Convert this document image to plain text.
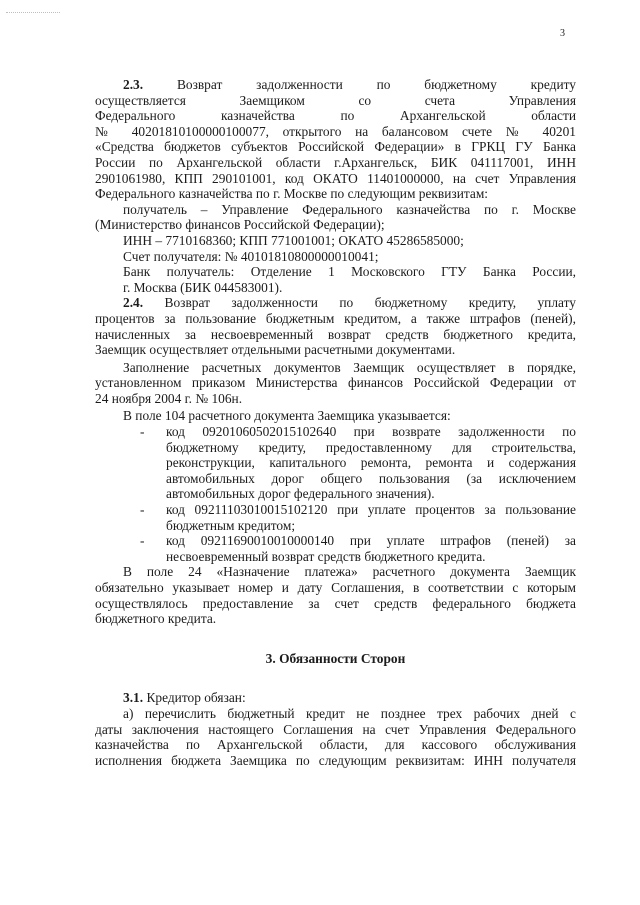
3

2.3.	Возврат задолженности по бюджетному кредиту

осуществляется Заемщиком со счета Управления

Федерального казначейства по Архангельской области

№ 40201810100000100077, открытого на балансовом счете № 40201

«Средства бюджетов субъектов Российской Федерации» в ГРКЦ ГУ Банка

России по Архангельской области г.Архангельск, БИК 041117001, ИНН

2901061980, КПП 290101001, код ОКАТО 11401000000, на счет Управления

Федерального казначейства по г. Москве по следующим реквизитам:

получатель – Управление Федерального казначейства по г. Москве

(Министерство финансов Российской Федерации);

ИНН – 7710168360; КПП 771001001; ОКАТО 45286585000;

Счет получателя: № 40101810800000010041;

Банк получатель: Отделение 1 Московского ГТУ Банка России,

г. Москва (БИК 044583001).

2.4. Возврат задолженности по бюджетному кредиту, уплату

процентов за пользование бюджетным кредитом, а также штрафов (пеней),

начисленных за несвоевременный возврат средств бюджетного кредита,

Заемщик осуществляет отдельными расчетными документами.

Заполнение расчетных документов Заемщик осуществляет в порядке,

установленном приказом Министерства финансов Российской Федерации от

24 ноября 2004 г. № 106н.

В поле 104 расчетного документа Заемщика указывается:

- код 09201060502015102640 при возврате задолженности по

бюджетному кредиту, предоставленному для строительства,

реконструкции, капитального ремонта, ремонта и содержания

автомобильных дорог общего пользования (за исключением

автомобильных дорог федерального значения).

- код 09211103010015102120 при уплате процентов за пользование

бюджетным кредитом;

- код 09211690010010000140 при уплате штрафов (пеней) за

несвоевременный возврат средств бюджетного кредита.

В поле 24 «Назначение платежа» расчетного документа Заемщик

обязательно указывает номер и дату Соглашения, в соответствии с которым

осуществлялось предоставление за счет средств федерального бюджета

бюджетного кредита.

3. Обязанности Сторон

3.1. Кредитор обязан:

а) перечислить бюджетный кредит не позднее трех рабочих дней с

даты заключения настоящего Соглашения на счет Управления Федерального

казначейства по Архангельской области, для кассового обслуживания

исполнения бюджета Заемщика по следующим реквизитам: ИНН получателя
